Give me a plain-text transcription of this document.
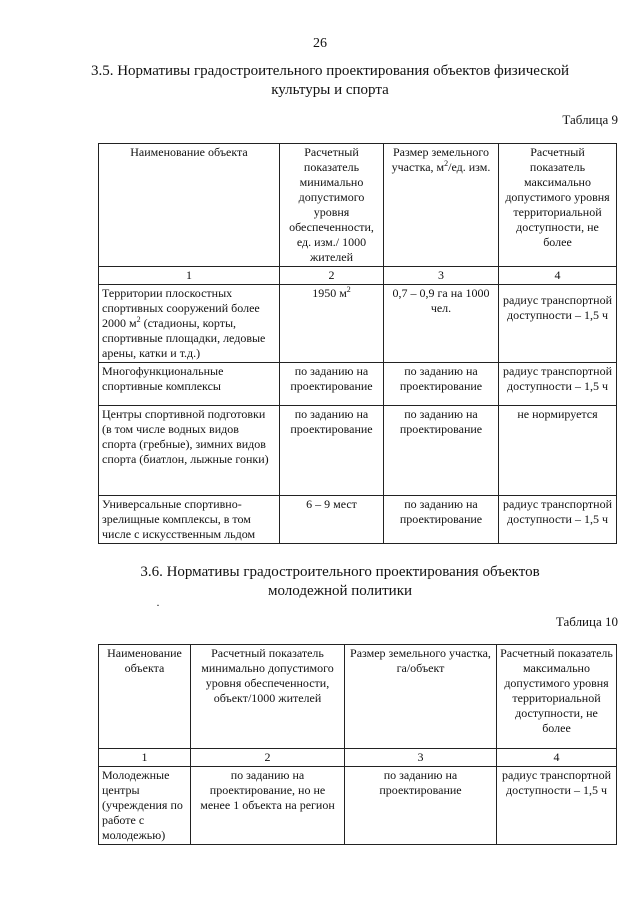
26
3.5. Нормативы градостроительного проектирования объектов физической
культуры и спорта
Таблица 9
Наименование объекта	Расчетный показатель минимально допустимого уровня обеспеченности, ед. изм./ 1000 жителей	Размер земельного участка, $м^2/ед$. изм.	Расчетный показатель максимально допустимого уровня территориальной доступности, не более
1	2	3	4
Территории плоскостных спортивных сооружений более 2000 $м^2$ (стадионы, корты, спортивные площадки, ледовые арены, катки и т.д.)	1950 $м^2$	0,7 – 0,9 га на 1000 чел.	радиус транспортной доступности – 1,5 ч
Многофункциональные спортивные комплексы	по заданию на проектирование	по заданию на проектирование	радиус транспортной доступности – 1,5 ч
Центры спортивной подготовки (в том числе водных видов спорта (гребные), зимних видов спорта (биатлон, лыжные гонки)	по заданию на проектирование	по заданию на проектирование	не нормируется
Универсальные спортивно-зрелищные комплексы, в том числе с искусственным льдом	6 – 9 мест	по заданию на проектирование	радиус транспортной доступности – 1,5 ч
3.6. Нормативы градостроительного проектирования объектов
молодежной политики
·
Таблица 10
Наименование объекта	Расчетный показатель минимально допустимого уровня обеспеченности, объект/1000 жителей	Размер земельного участка, га/объект	Расчетный показатель максимально допустимого уровня территориальной доступности, не более
1	2	3	4
Молодежные центры (учреждения по работе с молодежью)	по заданию на проектирование, но не менее 1 объекта на регион	по заданию на проектирование	радиус транспортной доступности – 1,5 ч
